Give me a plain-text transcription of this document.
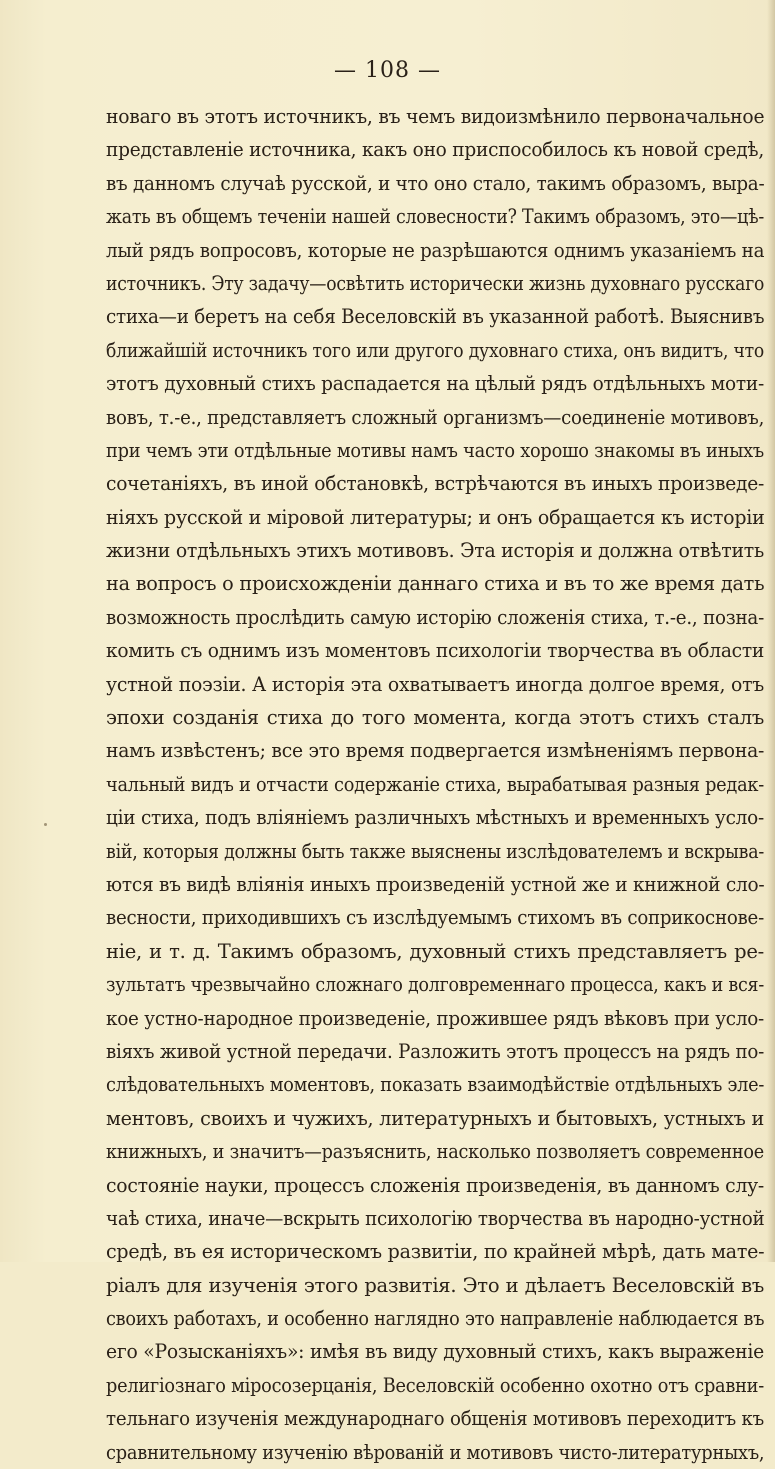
— 108 —
новаго въ этотъ источникъ, въ чемъ видоизмѣнило первоначальное
представленіе источника, какъ оно приспособилось къ новой средѣ,
въ данномъ случаѣ русской, и что оно стало, такимъ образомъ, выра-
жать въ общемъ теченіи нашей словесности? Такимъ образомъ, это—цѣ-
лый рядъ вопросовъ, которые не разрѣшаются однимъ указаніемъ на
источникъ. Эту задачу—освѣтить исторически жизнь духовнаго русскаго
стиха—и беретъ на себя Веселовскій въ указанной работѣ. Выяснивъ
ближайшій источникъ того или другого духовнаго стиха, онъ видитъ, что
этотъ духовный стихъ распадается на цѣлый рядъ отдѣльныхъ моти-
вовъ, т.-е., представляетъ сложный организмъ—соединеніе мотивовъ,
при чемъ эти отдѣльные мотивы намъ часто хорошо знакомы въ иныхъ
сочетаніяхъ, въ иной обстановкѣ, встрѣчаются въ иныхъ произведе-
ніяхъ русской и міровой литературы; и онъ обращается къ исторіи
жизни отдѣльныхъ этихъ мотивовъ. Эта исторія и должна отвѣтить
на вопросъ о происхожденіи даннаго стиха и въ то же время дать
возможность прослѣдить самую исторію сложенія стиха, т.-е., позна-
комить съ однимъ изъ моментовъ психологіи творчества въ области
устной поэзіи. А исторія эта охватываетъ иногда долгое время, отъ
эпохи созданія стиха до того момента, когда этотъ стихъ сталъ
намъ извѣстенъ; все это время подвергается измѣненіямъ первона-
чальный видъ и отчасти содержаніе стиха, вырабатывая разныя редак-
ціи стиха, подъ вліяніемъ различныхъ мѣстныхъ и временныхъ усло-
вій, которыя должны быть также выяснены изслѣдователемъ и вскрыва-
ются въ видѣ вліянія иныхъ произведеній устной же и книжной сло-
весности, приходившихъ съ изслѣдуемымъ стихомъ въ соприкоснове-
ніе, и т. д. Такимъ образомъ, духовный стихъ представляетъ ре-
зультатъ чрезвычайно сложнаго долговременнаго процесса, какъ и вся-
кое устно-народное произведеніе, прожившее рядъ вѣковъ при усло-
віяхъ живой устной передачи. Разложить этотъ процессъ на рядъ по-
слѣдовательныхъ моментовъ, показать взаимодѣйствіе отдѣльныхъ эле-
ментовъ, своихъ и чужихъ, литературныхъ и бытовыхъ, устныхъ и
книжныхъ, и значитъ—разъяснить, насколько позволяетъ современное
состояніе науки, процессъ сложенія произведенія, въ данномъ слу-
чаѣ стиха, иначе—вскрыть психологію творчества въ народно-устной
средѣ, въ ея историческомъ развитіи, по крайней мѣрѣ, дать мате-
ріалъ для изученія этого развитія. Это и дѣлаетъ Веселовскій въ
своихъ работахъ, и особенно наглядно это направленіе наблюдается въ
его «Розысканіяхъ»: имѣя въ виду духовный стихъ, какъ выраженіе
религіознаго міросозерцанія, Веселовскій особенно охотно отъ сравни-
тельнаго изученія международнаго общенія мотивовъ переходитъ къ
сравнительному изученію вѣрованій и мотивовъ чисто-литературныхъ,
